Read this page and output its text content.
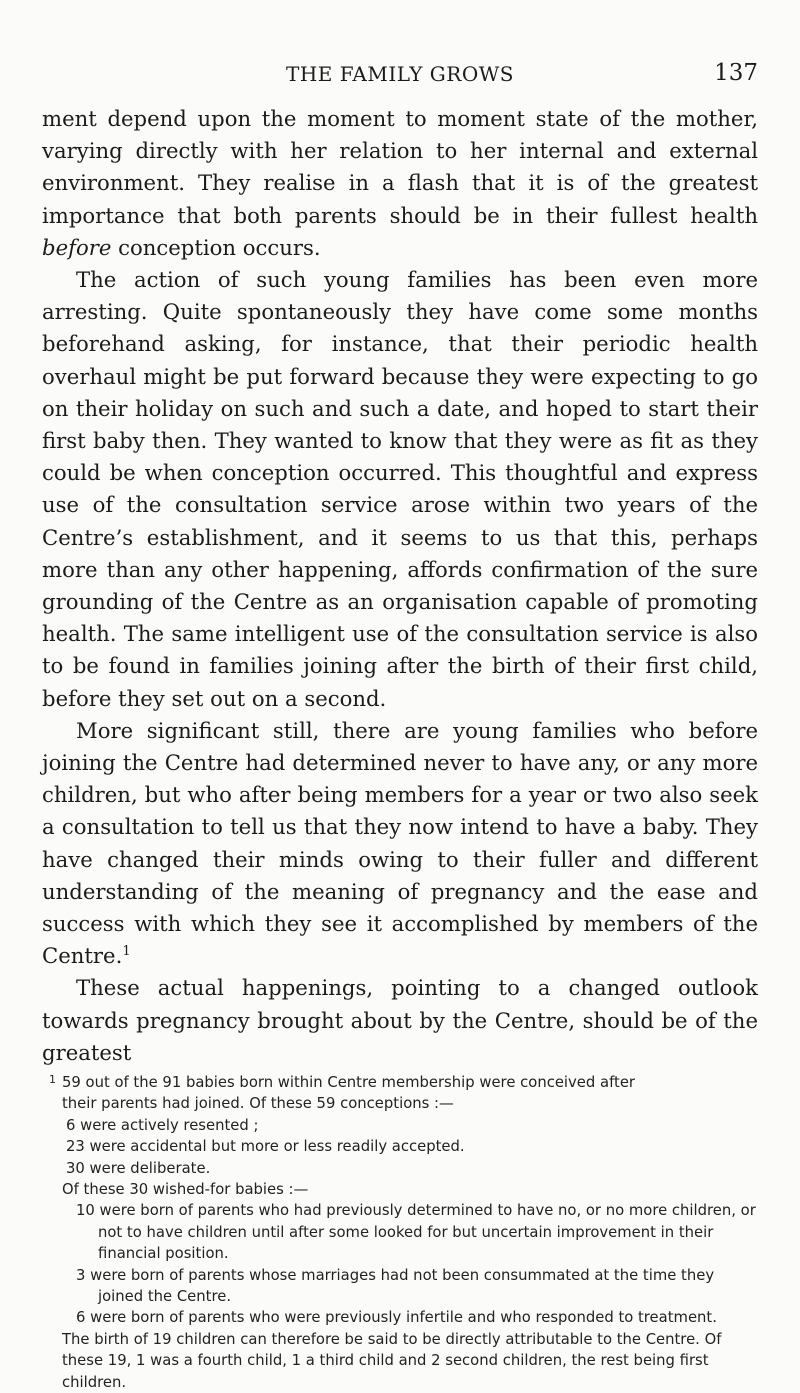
THE FAMILY GROWS	137

ment depend upon the moment to moment state of the mother, varying directly with her relation to her internal and external environment. They realise in a flash that it is of the greatest importance that both parents should be in their fullest health before conception occurs.

The action of such young families has been even more arresting. Quite spontaneously they have come some months beforehand asking, for instance, that their periodic health overhaul might be put forward because they were expecting to go on their holiday on such and such a date, and hoped to start their first baby then. They wanted to know that they were as fit as they could be when conception occurred. This thoughtful and express use of the consultation service arose within two years of the Centre’s establishment, and it seems to us that this, perhaps more than any other happening, affords confirmation of the sure grounding of the Centre as an organisation capable of promoting health. The same intelligent use of the consultation service is also to be found in families joining after the birth of their first child, before they set out on a second.

More significant still, there are young families who before joining the Centre had determined never to have any, or any more children, but who after being members for a year or two also seek a consultation to tell us that they now intend to have a baby. They have changed their minds owing to their fuller and different understanding of the meaning of pregnancy and the ease and success with which they see it accomplished by members of the Centre.$^1$

These actual happenings, pointing to a changed outlook towards pregnancy brought about by the Centre, should be of the greatest

1 59 out of the 91 babies born within Centre membership were conceived after

their parents had joined. Of these 59 conceptions :—

6 were actively resented ;

23 were accidental but more or less readily accepted.

30 were deliberate.

Of these 30 wished-for babies :—

10 were born of parents who had previously determined to have no, or no more children, or not to have children until after some looked for but uncertain improvement in their financial position.

3 were born of parents whose marriages had not been consummated at the time they joined the Centre.

6 were born of parents who were previously infertile and who responded to treatment.

The birth of 19 children can therefore be said to be directly attributable to the Centre. Of these 19, 1 was a fourth child, 1 a third child and 2 second children, the rest being first children.
